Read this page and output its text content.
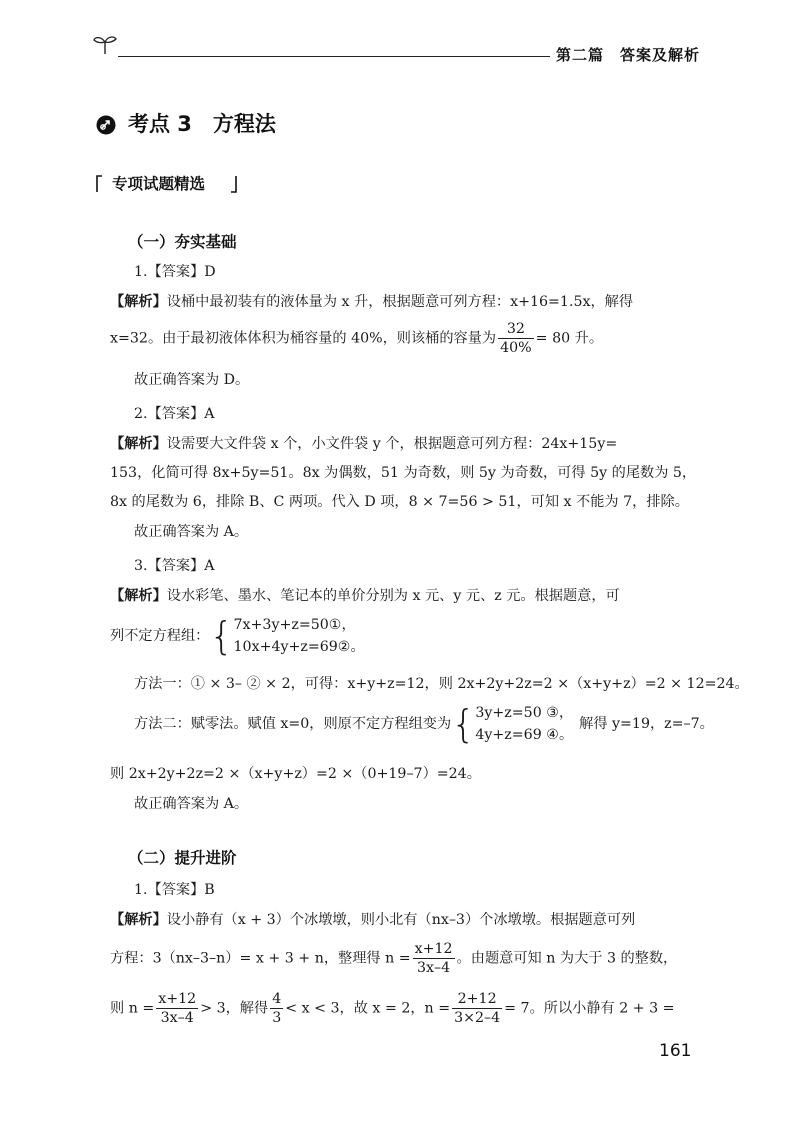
第二篇　答案及解析
考点 3　方程法
专项试题精选
（一）夯实基础
1.【答案】D
【解析】设桶中最初装有的液体量为 x 升，根据题意可列方程：x+16=1.5x，解得
x=32。由于最初液体体积为桶容量的 40%，则该桶的容量为 $\frac{32}{40\%} = 80$ 升。
故正确答案为 D。
2.【答案】A
【解析】设需要大文件袋 x 个，小文件袋 y 个，根据题意可列方程：24x+15y=
153，化简可得 8x+5y=51。8x 为偶数，51 为奇数，则 5y 为奇数，可得 5y 的尾数为 5，
8x 的尾数为 6，排除 B、C 两项。代入 D 项，8 × 7=56 > 51，可知 x 不能为 7，排除。
故正确答案为 A。
3.【答案】A
【解析】设水彩笔、墨水、笔记本的单价分别为 x 元、y 元、z 元。根据题意，可
列不定方程组：{ 7x+3y+z=50①，
10x+4y+z=69②。
方法一：① × 3– ② × 2，可得：x+y+z=12，则 2x+2y+2z=2 ×（x+y+z）=2 × 12=24。
方法二：赋零法。赋值 x=0，则原不定方程组变为{ 3y+z=50 ③，
4y+z=69 ④。
解得 y=19，z=–7。
则 2x+2y+2z=2 ×（x+y+z）=2 ×（0+19–7）=24。
故正确答案为 A。
（二）提升进阶
1.【答案】B
【解析】设小静有（x + 3）个冰墩墩，则小北有（nx–3）个冰墩墩。根据题意可列
方程：3（nx–3–n）= x + 3 + n，整理得 $n = \frac{x+12}{3x-4}$ 。由题意可知 n 为大于 3 的整数，
则 $n = \frac{x+12}{3x-4} > 3$，解得 $\frac{4}{3} < x < 3$，故 x = 2，$n = \frac{2+12}{3\times 2-4} = 7$。所以小静有 2 + 3 =
161
